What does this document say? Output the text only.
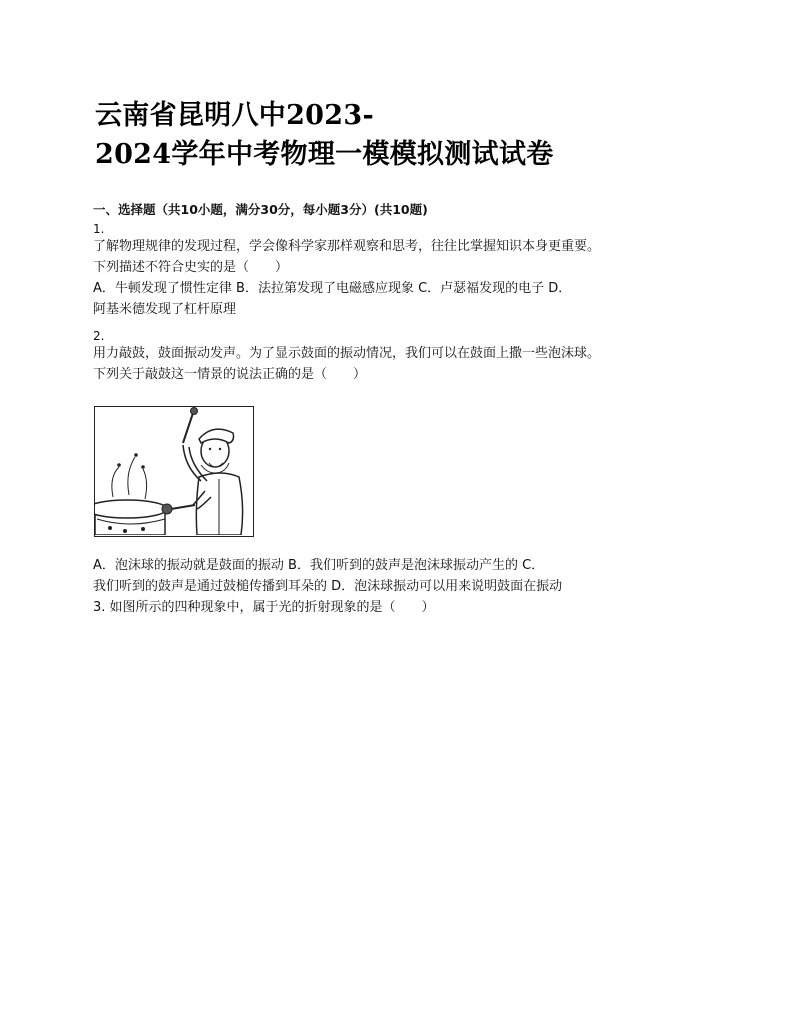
云南省昆明八中2023-
2024学年中考物理一模模拟测试试卷
一、选择题（共10小题，满分30分，每小题3分）(共10题)
1.
了解物理规律的发现过程，学会像科学家那样观察和思考，往往比掌握知识本身更重要。
下列描述不符合史实的是（　　）
A．牛顿发现了惯性定律 B．法拉第发现了电磁感应现象 C．卢瑟福发现的电子 D．
阿基米德发现了杠杆原理
2.
用力敲鼓，鼓面振动发声。为了显示鼓面的振动情况，我们可以在鼓面上撒一些泡沫球。
下列关于敲鼓这一情景的说法正确的是（　　）
A．泡沫球的振动就是鼓面的振动 B．我们听到的鼓声是泡沫球振动产生的 C．
我们听到的鼓声是通过鼓槌传播到耳朵的 D．泡沫球振动可以用来说明鼓面在振动
3. 如图所示的四种现象中，属于光的折射现象的是（　　）
